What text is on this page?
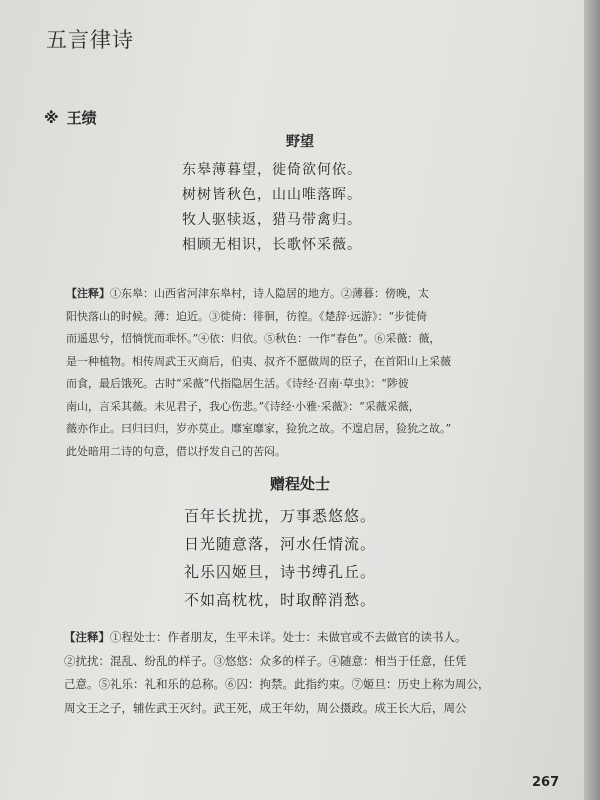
五言律诗
※ 王绩
野望
东皋薄暮望，徙倚欲何依。
树树皆秋色，山山唯落晖。
牧人驱犊返，猎马带禽归。
相顾无相识，长歌怀采薇。
【注释】①东皋：山西省河津东皋村，诗人隐居的地方。②薄暮：傍晚，太
阳快落山的时候。薄：迫近。③徙倚：徘徊，彷徨。《楚辞·远游》：“步徙倚
而遥思兮，怊惝恍而乖怀。”④依：归依。⑤秋色：一作“春色”。⑥采薇：薇，
是一种植物。相传周武王灭商后，伯夷、叔齐不愿做周的臣子，在首阳山上采薇
而食，最后饿死。古时“采薇”代指隐居生活。《诗经·召南·草虫》：“陟彼
南山，言采其薇。未见君子，我心伤悲。”《诗经·小雅·采薇》：“采薇采薇，
薇亦作止。曰归曰归，岁亦莫止。靡室靡家，猃狁之故。不遑启居，猃狁之故。”
此处暗用二诗的句意，借以抒发自己的苦闷。
赠程处士
百年长扰扰，万事悉悠悠。
日光随意落，河水任情流。
礼乐囚姬旦，诗书缚孔丘。
不如高枕枕，时取醉消愁。
【注释】①程处士：作者朋友，生平未详。处士：未做官或不去做官的读书人。
②扰扰：混乱、纷乱的样子。③悠悠：众多的样子。④随意：相当于任意，任凭
己意。⑤礼乐：礼和乐的总称。⑥囚：拘禁。此指约束。⑦姬旦：历史上称为周公，
周文王之子，辅佐武王灭纣。武王死，成王年幼，周公摄政。成王长大后，周公
267
